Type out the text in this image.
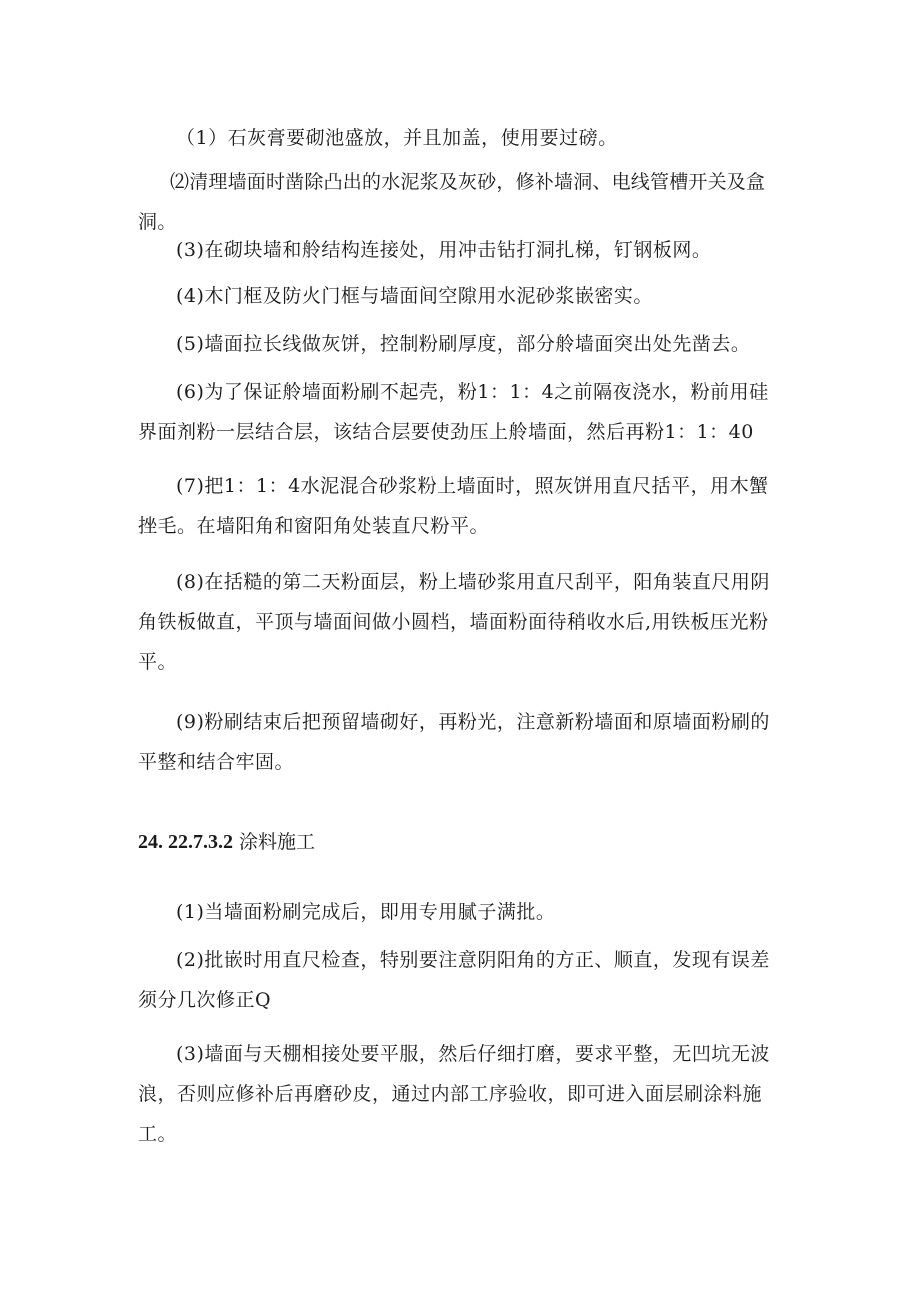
（1）石灰膏要砌池盛放，并且加盖，使用要过磅。

⑵清理墙面时凿除凸出的水泥浆及灰砂，修补墙洞、电线管槽开关及盒洞。

(3)在砌块墙和舲结构连接处，用冲击钻打洞扎梯，钉钢板网。

(4)木门框及防火门框与墙面间空隙用水泥砂浆嵌密实。

(5)墙面拉长线做灰饼，控制粉刷厚度，部分舲墙面突出处先凿去。

(6)为了保证舲墙面粉刷不起壳，粉1：1：4之前隔夜浇水，粉前用硅界面剂粉一层结合层，该结合层要使劲压上舲墙面，然后再粉1：1：40

(7)把1：1：4水泥混合砂浆粉上墙面时，照灰饼用直尺括平，用木蟹挫毛。在墙阳角和窗阳角处装直尺粉平。

(8)在括糙的第二天粉面层，粉上墙砂浆用直尺刮平，阳角装直尺用阴角铁板做直，平顶与墙面间做小圆档，墙面粉面待稍收水后,用铁板压光粉平。

(9)粉刷结束后把预留墙砌好，再粉光，注意新粉墙面和原墙面粉刷的平整和结合牢固。

24. 22.7.3.2 涂料施工

(1)当墙面粉刷完成后，即用专用腻子满批。

(2)批嵌时用直尺检查，特别要注意阴阳角的方正、顺直，发现有误差须分几次修正Q

(3)墙面与天棚相接处要平服，然后仔细打磨，要求平整，无凹坑无波浪，否则应修补后再磨砂皮，通过内部工序验收，即可进入面层刷涂料施工。
